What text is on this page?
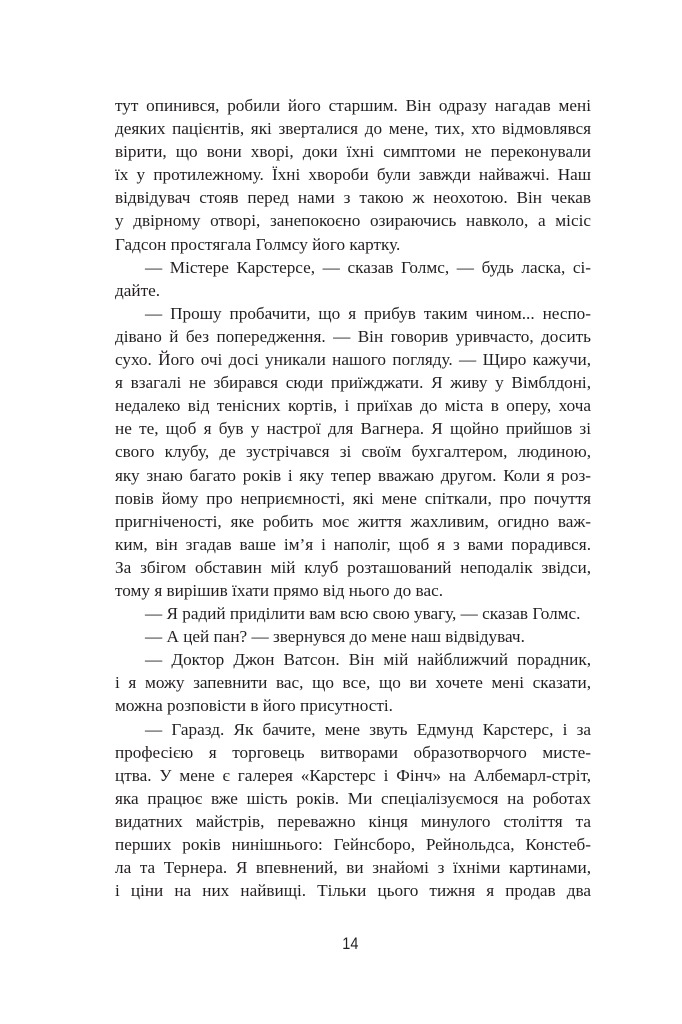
тут опинився, робили його старшим. Він одразу нагадав мені
деяких пацієнтів, які зверталися до мене, тих, хто відмовлявся
вірити, що вони хворі, доки їхні симптоми не переконували
їх у протилежному. Їхні хвороби були завжди найважчі. Наш
відвідувач стояв перед нами з такою ж неохотою. Він чекав
у двірному отворі, занепокоєно озираючись навколо, а місіс
Гадсон простягала Голмсу його картку.
— Містере Карстерсе, — сказав Голмс, — будь ласка, сі-
дайте.
— Прошу пробачити, що я прибув таким чином... неспо-
дівано й без попередження. — Він говорив уривчасто, досить
сухо. Його очі досі уникали нашого погляду. — Щиро кажучи,
я взагалі не збирався сюди приїжджати. Я живу у Вімблдоні,
недалеко від тенісних кортів, і приїхав до міста в оперу, хоча
не те, щоб я був у настрої для Вагнера. Я щойно прийшов зі
свого клубу, де зустрічався зі своїм бухгалтером, людиною,
яку знаю багато років і яку тепер вважаю другом. Коли я роз-
повів йому про неприємності, які мене спіткали, про почуття
пригніченості, яке робить моє життя жахливим, огидно важ-
ким, він згадав ваше ім’я і наполіг, щоб я з вами порадився.
За збігом обставин мій клуб розташований неподалік звідси,
тому я вирішив їхати прямо від нього до вас.
— Я радий приділити вам всю свою увагу, — сказав Голмс.
— А цей пан? — звернувся до мене наш відвідувач.
— Доктор Джон Ватсон. Він мій найближчий порадник,
і я можу запевнити вас, що все, що ви хочете мені сказати,
можна розповісти в його присутності.
— Гаразд. Як бачите, мене звуть Едмунд Карстерс, і за
професією я торговець витворами образотворчого мисте-
цтва. У мене є галерея «Карстерс і Фінч» на Албемарл-стріт,
яка працює вже шість років. Ми спеціалізуємося на роботах
видатних майстрів, переважно кінця минулого століття та
перших років нинішнього: Гейнсборо, Рейнольдса, Констеб-
ла та Тернера. Я впевнений, ви знайомі з їхніми картинами,
і ціни на них найвищі. Тільки цього тижня я продав два
14
